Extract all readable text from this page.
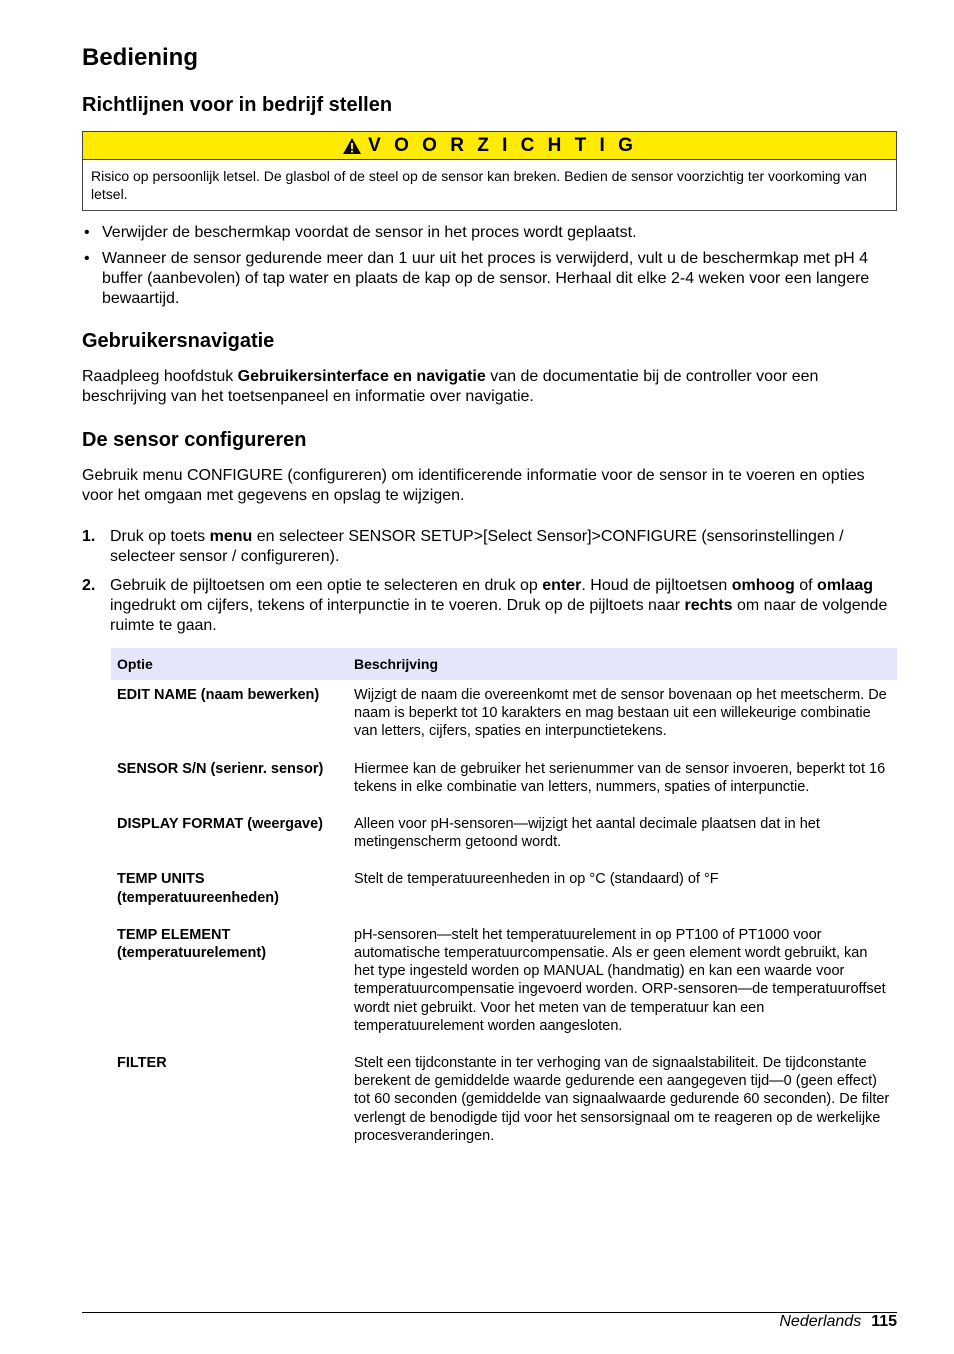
Bediening
Richtlijnen voor in bedrijf stellen
V O O R Z I C H T I G
Risico op persoonlijk letsel. De glasbol of de steel op de sensor kan breken. Bedien de sensor voorzichtig ter voorkoming van letsel.
• Verwijder de beschermkap voordat de sensor in het proces wordt geplaatst.
• Wanneer de sensor gedurende meer dan 1 uur uit het proces is verwijderd, vult u de beschermkap met pH 4 buffer (aanbevolen) of tap water en plaats de kap op de sensor. Herhaal dit elke 2-4 weken voor een langere bewaartijd.
Gebruikersnavigatie

Raadpleeg hoofdstuk Gebruikersinterface en navigatie van de documentatie bij de controller voor een beschrijving van het toetsenpaneel en informatie over navigatie.

De sensor configureren

Gebruik menu CONFIGURE (configureren) om identificerende informatie voor de sensor in te voeren en opties voor het omgaan met gegevens en opslag te wijzigen.

1. Druk op toets menu en selecteer SENSOR SETUP>[Select Sensor]>CONFIGURE (sensorinstellingen / selecteer sensor / configureren).
2. Gebruik de pijltoetsen om een optie te selecteren en druk op enter. Houd de pijltoetsen omhoog of omlaag ingedrukt om cijfers, tekens of interpunctie in te voeren. Druk op de pijltoets naar rechts om naar de volgende ruimte te gaan.
Optie	Beschrijving
EDIT NAME (naam bewerken)	Wijzigt de naam die overeenkomt met de sensor bovenaan op het meetscherm. De naam is beperkt tot 10 karakters en mag bestaan uit een willekeurige combinatie van letters, cijfers, spaties en interpunctietekens.
SENSOR S/N (serienr. sensor)	Hiermee kan de gebruiker het serienummer van de sensor invoeren, beperkt tot 16 tekens in elke combinatie van letters, nummers, spaties of interpunctie.
DISPLAY FORMAT (weergave)	Alleen voor pH-sensoren—wijzigt het aantal decimale plaatsen dat in het metingenscherm getoond wordt.
TEMP UNITS (temperatuureenheden)	Stelt de temperatuureenheden in op °C (standaard) of °F
TEMP ELEMENT (temperatuurelement)	pH-sensoren—stelt het temperatuurelement in op PT100 of PT1000 voor automatische temperatuurcompensatie. Als er geen element wordt gebruikt, kan het type ingesteld worden op MANUAL (handmatig) en kan een waarde voor temperatuurcompensatie ingevoerd worden. ORP-sensoren—de temperatuuroffset wordt niet gebruikt. Voor het meten van de temperatuur kan een temperatuurelement worden aangesloten.
FILTER	Stelt een tijdconstante in ter verhoging van de signaalstabiliteit. De tijdconstante berekent de gemiddelde waarde gedurende een aangegeven tijd—0 (geen effect) tot 60 seconden (gemiddelde van signaalwaarde gedurende 60 seconden). De filter verlengt de benodigde tijd voor het sensorsignaal om te reageren op de werkelijke procesveranderingen.
Nederlands 115
